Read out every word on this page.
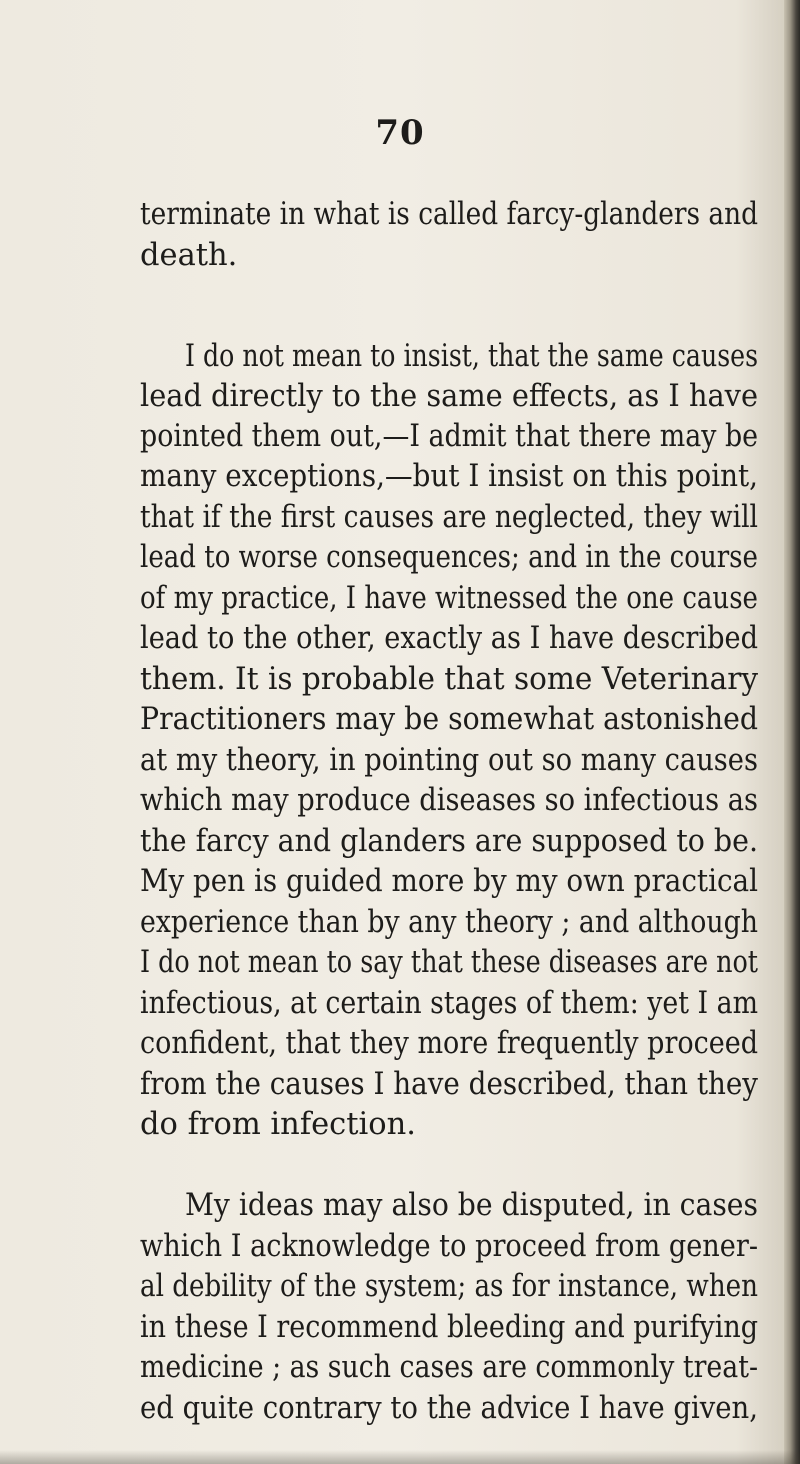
70
terminate in what is called farcy-glanders and
death.
I do not mean to insist, that the same causes
lead directly to the same effects, as I have
pointed them out,—I admit that there may be
many exceptions,—but I insist on this point,
that if the first causes are neglected, they will
lead to worse consequences; and in the course
of my practice, I have witnessed the one cause
lead to the other, exactly as I have described
them. It is probable that some Veterinary
Practitioners may be somewhat astonished
at my theory, in pointing out so many causes
which may produce diseases so infectious as
the farcy and glanders are supposed to be.
My pen is guided more by my own practical
experience than by any theory ; and although
I do not mean to say that these diseases are not
infectious, at certain stages of them: yet I am
confident, that they more frequently proceed
from the causes I have described, than they
do from infection.
My ideas may also be disputed, in cases
which I acknowledge to proceed from gener-
al debility of the system; as for instance, when
in these I recommend bleeding and purifying
medicine ; as such cases are commonly treat-
ed quite contrary to the advice I have given,
